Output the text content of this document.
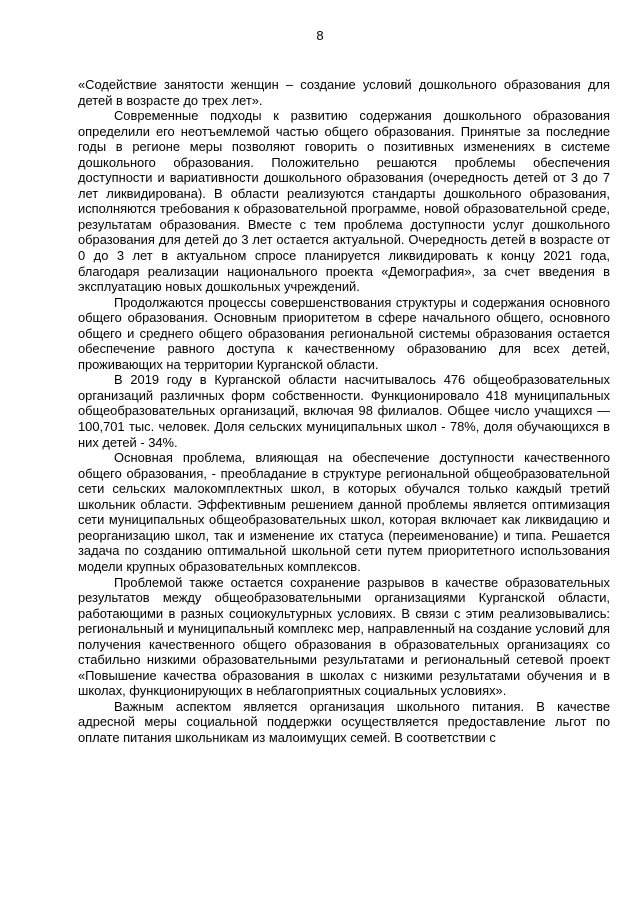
8

«Содействие занятости женщин – создание условий дошкольного образования для детей в возрасте до трех лет».

Современные подходы к развитию содержания дошкольного образования определили его неотъемлемой частью общего образования. Принятые за последние годы в регионе меры позволяют говорить о позитивных изменениях в системе дошкольного образования. Положительно решаются проблемы обеспечения доступности и вариативности дошкольного образования (очередность детей от 3 до 7 лет ликвидирована). В области реализуются стандарты дошкольного образования, исполняются требования к образовательной программе, новой образовательной среде, результатам образования. Вместе с тем проблема доступности услуг дошкольного образования для детей до 3 лет остается актуальной. Очередность детей в возрасте от 0 до 3 лет в актуальном спросе планируется ликвидировать к концу 2021 года, благодаря реализации национального проекта «Демография», за счет введения в эксплуатацию новых дошкольных учреждений.

Продолжаются процессы совершенствования структуры и содержания основного общего образования. Основным приоритетом в сфере начального общего, основного общего и среднего общего образования региональной системы образования остается обеспечение равного доступа к качественному образованию для всех детей, проживающих на территории Курганской области.

В 2019 году в Курганской области насчитывалось 476 общеобразовательных организаций различных форм собственности. Функционировало 418 муниципальных общеобразовательных организаций, включая 98 филиалов. Общее число учащихся — 100,701 тыс. человек. Доля сельских муниципальных школ - 78%, доля обучающихся в них детей - 34%.

Основная проблема, влияющая на обеспечение доступности качественного общего образования, - преобладание в структуре региональной общеобразовательной сети сельских малокомплектных школ, в которых обучался только каждый третий школьник области. Эффективным решением данной проблемы является оптимизация сети муниципальных общеобразовательных школ, которая включает как ликвидацию и реорганизацию школ, так и изменение их статуса (переименование) и типа. Решается задача по созданию оптимальной школьной сети путем приоритетного использования модели крупных образовательных комплексов.

Проблемой также остается сохранение разрывов в качестве образовательных результатов между общеобразовательными организациями Курганской области, работающими в разных социокультурных условиях. В связи с этим реализовывались: региональный и муниципальный комплекс мер, направленный на создание условий для получения качественного общего образования в образовательных организациях со стабильно низкими образовательными результатами и региональный сетевой проект «Повышение качества образования в школах с низкими результатами обучения и в школах, функционирующих в неблагоприятных социальных условиях».

Важным аспектом является организация школьного питания. В качестве адресной меры социальной поддержки осуществляется предоставление льгот по оплате питания школьникам из малоимущих семей. В соответствии с
